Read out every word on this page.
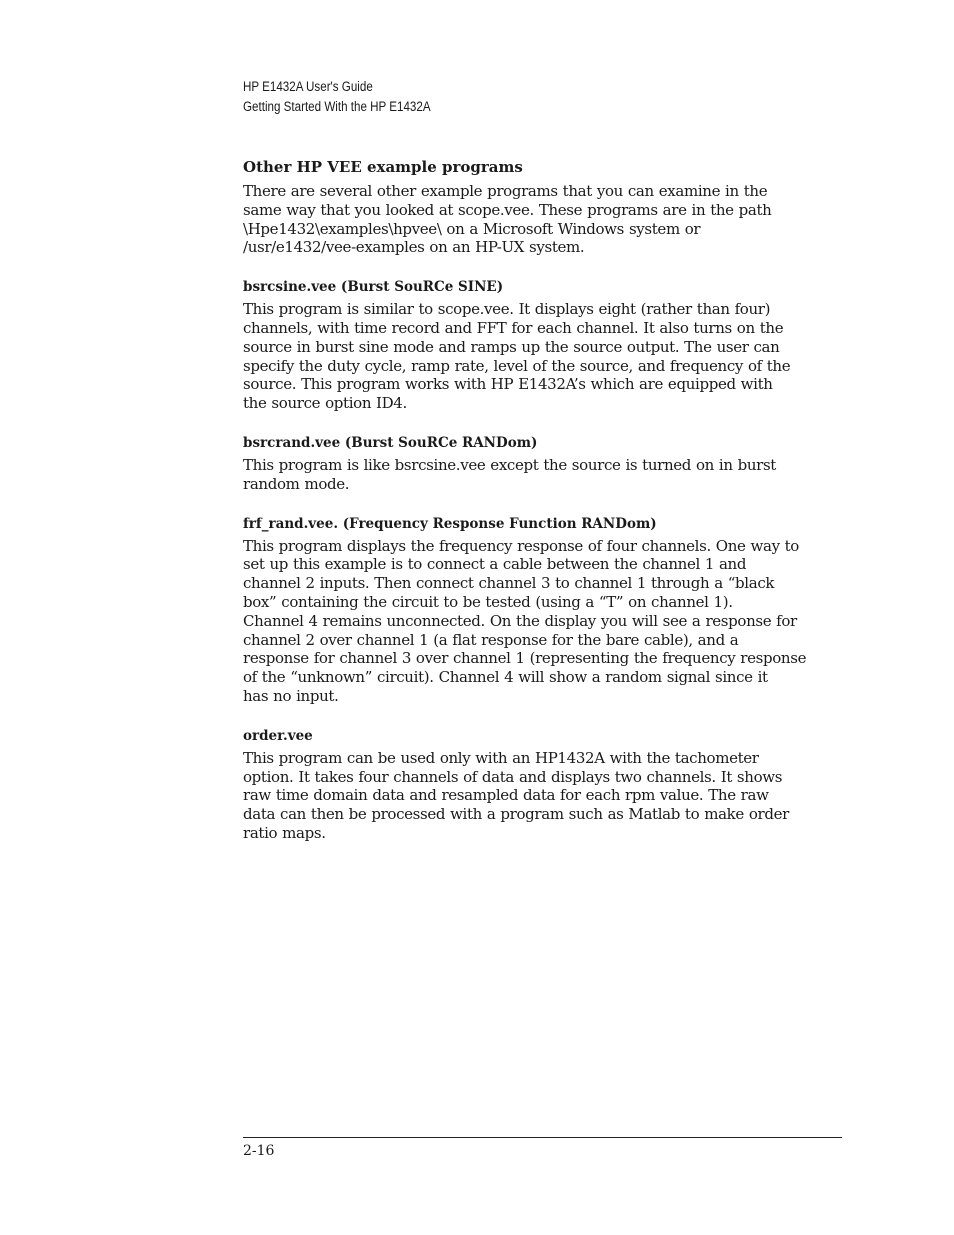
HP E1432A User's Guide
Getting Started With the HP E1432A
Other HP VEE example programs

There are several other example programs that you can examine in the
same way that you looked at scope.vee. These programs are in the path
\Hpe1432\examples\hpvee\ on a Microsoft Windows system or
/usr/e1432/vee-examples on an HP-UX system.

bsrcsine.vee (Burst SouRCe SINE)

This program is similar to scope.vee. It displays eight (rather than four)
channels, with time record and FFT for each channel. It also turns on the
source in burst sine mode and ramps up the source output. The user can
specify the duty cycle, ramp rate, level of the source, and frequency of the
source. This program works with HP E1432A’s which are equipped with
the source option ID4.

bsrcrand.vee (Burst SouRCe RANDom)

This program is like bsrcsine.vee except the source is turned on in burst
random mode.

frf_rand.vee. (Frequency Response Function RANDom)

This program displays the frequency response of four channels. One way to
set up this example is to connect a cable between the channel 1 and
channel 2 inputs. Then connect channel 3 to channel 1 through a “black
box” containing the circuit to be tested (using a “T” on channel 1).
Channel 4 remains unconnected. On the display you will see a response for
channel 2 over channel 1 (a flat response for the bare cable), and a
response for channel 3 over channel 1 (representing the frequency response
of the “unknown” circuit). Channel 4 will show a random signal since it
has no input.

order.vee

This program can be used only with an HP1432A with the tachometer
option. It takes four channels of data and displays two channels. It shows
raw time domain data and resampled data for each rpm value. The raw
data can then be processed with a program such as Matlab to make order
ratio maps.

2-16
